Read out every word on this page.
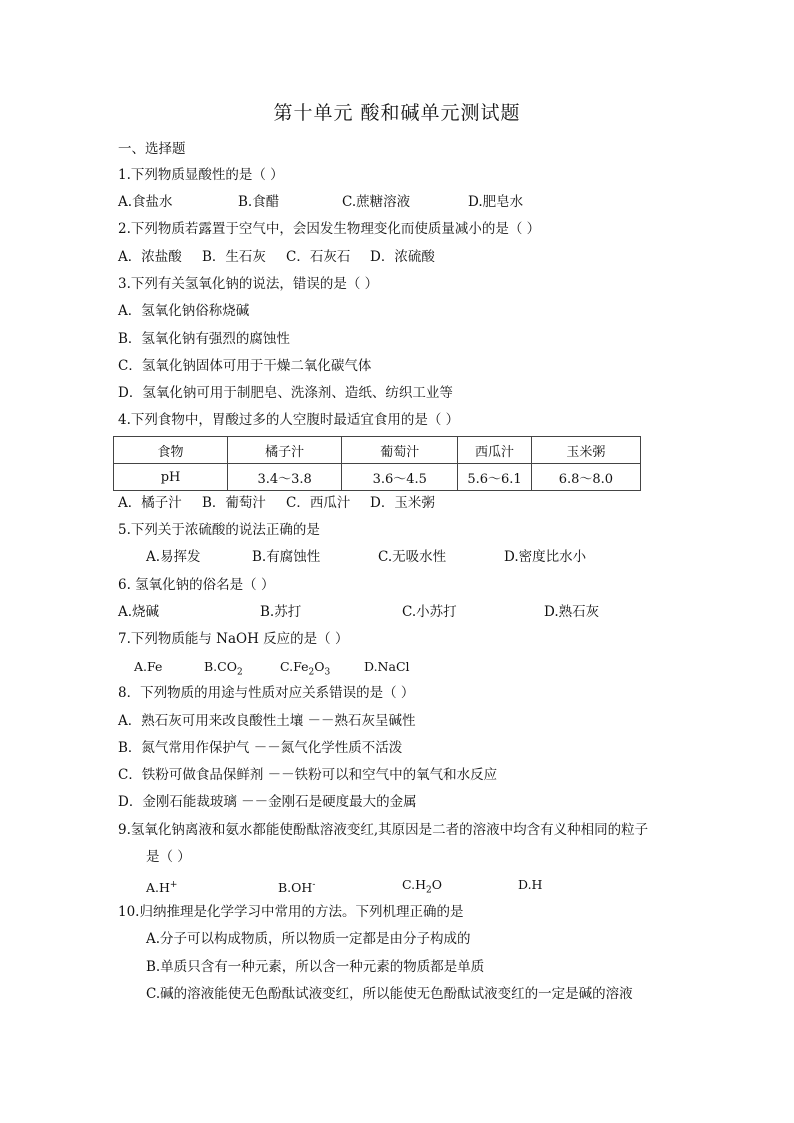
第十单元 酸和碱单元测试题
一、选择题
1.下列物质显酸性的是（ ）
A.食盐水	B.食醋	C.蔗糖溶液	D.肥皂水
2.下列物质若露置于空气中，会因发生物理变化而使质量减小的是（ ）
A．浓盐酸 B．生石灰 C．石灰石 D．浓硫酸
3.下列有关氢氧化钠的说法，错误的是（ ）
A．氢氧化钠俗称烧碱
B．氢氧化钠有强烈的腐蚀性
C．氢氧化钠固体可用于干燥二氧化碳气体
D．氢氧化钠可用于制肥皂、洗涤剂、造纸、纺织工业等
4.下列食物中，胃酸过多的人空腹时最适宜食用的是（ ）
食物	橘子汁	葡萄汁	西瓜汁	玉米粥
pH	3.4～3.8	3.6～4.5	5.6～6.1	6.8～8.0
A．橘子汁 B．葡萄汁 C．西瓜汁 D．玉米粥
5.下列关于浓硫酸的说法正确的是
A.易挥发	B.有腐蚀性	C.无吸水性	D.密度比水小
6. 氢氧化钠的俗名是（ ）
A.烧碱	B.苏打	C.小苏打	D.熟石灰
7.下列物质能与 NaOH 反应的是（ ）
A.Fe	$B.CO_2$	$C.Fe_2O_3$	D.NaCl
8．下列物质的用途与性质对应关系错误的是（ ）
A．熟石灰可用来改良酸性土壤 －－熟石灰呈碱性
B．氮气常用作保护气 －－氮气化学性质不活泼
C．铁粉可做食品保鲜剂 －－铁粉可以和空气中的氧气和水反应
D．金刚石能裁玻璃 －－金刚石是硬度最大的金属
9.氢氧化钠离液和氨水都能使酚酞溶液变红,其原因是二者的溶液中均含有义种相同的粒子
是（ ）
A.H+	B.OH-	$C.H_2O$	D.H
10.归纳推理是化学学习中常用的方法。下列机理正确的是
A.分子可以构成物质，所以物质一定都是由分子构成的
B.单质只含有一种元素，所以含一种元素的物质都是单质
C.碱的溶液能使无色酚酞试液变红，所以能使无色酚酞试液变红的一定是碱的溶液
